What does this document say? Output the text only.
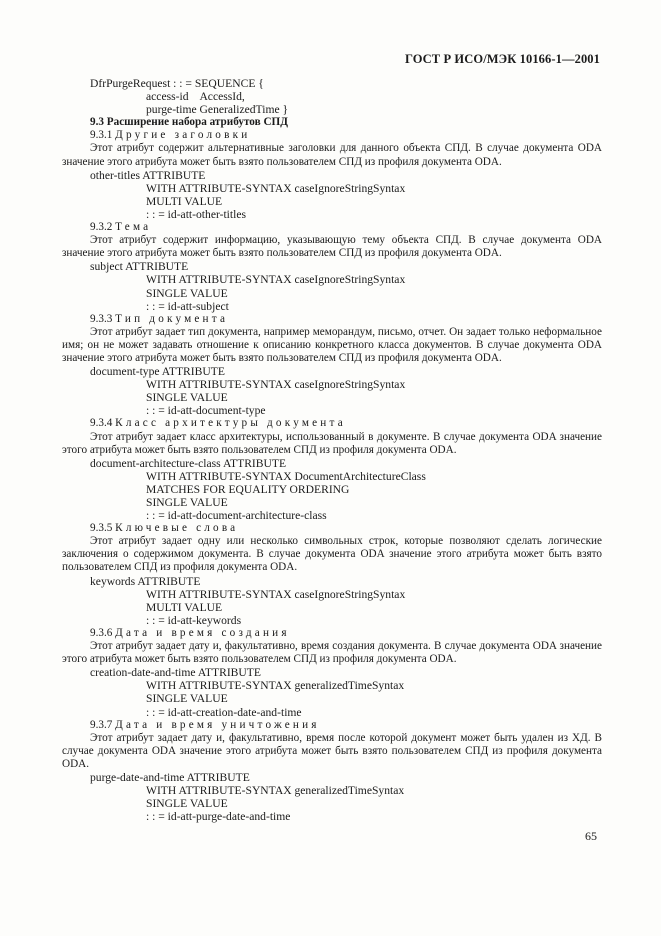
ГОСТ Р ИСО/МЭК 10166-1—2001
DfrPurgeRequest : : = SEQUENCE {
access-id    AccessId,
purge-time GeneralizedTime }
9.3 Расширение набора атрибутов СПД
9.3.1 Другие заголовки

Этот атрибут содержит альтернативные заголовки для данного объекта СПД. В случае документа ODA значение этого атрибута может быть взято пользователем СПД из профиля документа ODA.

other-titles ATTRIBUTE
WITH ATTRIBUTE-SYNTAX caseIgnoreStringSyntax
MULTI VALUE
: : = id-att-other-titles
9.3.2 Тема

Этот атрибут содержит информацию, указывающую тему объекта СПД. В случае документа ODA значение этого атрибута может быть взято пользователем СПД из профиля документа ODA.

subject ATTRIBUTE
WITH ATTRIBUTE-SYNTAX caseIgnoreStringSyntax
SINGLE VALUE
: : = id-att-subject
9.3.3 Тип документа

Этот атрибут задает тип документа, например меморандум, письмо, отчет. Он задает только неформальное имя; он не может задавать отношение к описанию конкретного класса документов. В случае документа ODA значение этого атрибута может быть взято пользователем СПД из профиля документа ODA.

document-type ATTRIBUTE
WITH ATTRIBUTE-SYNTAX caseIgnoreStringSyntax
SINGLE VALUE
: : = id-att-document-type
9.3.4 Класс архитектуры документа

Этот атрибут задает класс архитектуры, использованный в документе. В случае документа ODA значение этого атрибута может быть взято пользователем СПД из профиля документа ODA.

document-architecture-class ATTRIBUTE
WITH ATTRIBUTE-SYNTAX DocumentArchitectureClass
MATCHES FOR EQUALITY ORDERING
SINGLE VALUE
: : = id-att-document-architecture-class
9.3.5 Ключевые слова

Этот атрибут задает одну или несколько символьных строк, которые позволяют сделать логические заключения о содержимом документа. В случае документа ODA значение этого атрибута может быть взято пользователем СПД из профиля документа ODA.

keywords ATTRIBUTE
WITH ATTRIBUTE-SYNTAX caseIgnoreStringSyntax
MULTI VALUE
: : = id-att-keywords
9.3.6 Дата и время создания

Этот атрибут задает дату и, факультативно, время создания документа. В случае документа ODA значение этого атрибута может быть взято пользователем СПД из профиля документа ODA.

creation-date-and-time ATTRIBUTE
WITH ATTRIBUTE-SYNTAX generalizedTimeSyntax
SINGLE VALUE
: : = id-att-creation-date-and-time
9.3.7 Дата и время уничтожения

Этот атрибут задает дату и, факультативно, время после которой документ может быть удален из ХД. В случае документа ODA значение этого атрибута может быть взято пользователем СПД из профиля документа ODA.

purge-date-and-time ATTRIBUTE
WITH ATTRIBUTE-SYNTAX generalizedTimeSyntax
SINGLE VALUE
: : = id-att-purge-date-and-time
65
